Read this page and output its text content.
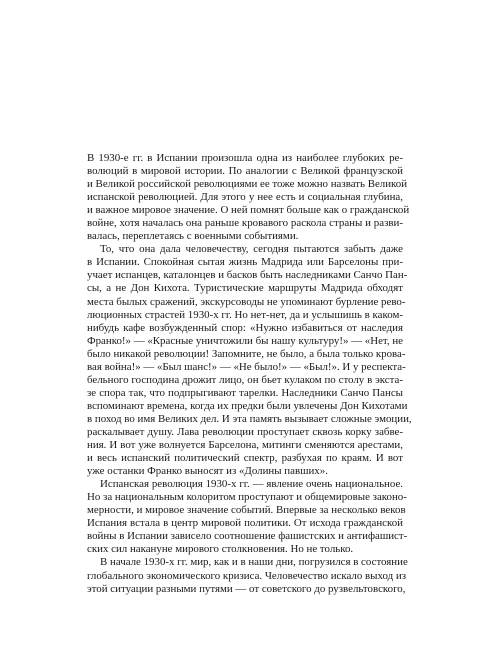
В 1930-е гг. в Испании произошла одна из наиболее глубоких ре-
волюций в мировой истории. По аналогии с Великой французской
и Великой российской революциями ее тоже можно назвать Великой
испанской революцией. Для этого у нее есть и социальная глубина,
и важное мировое значение. О ней помнят больше как о гражданской
войне, хотя началась она раньше кровавого раскола страны и разви-
валась, переплетаясь с военными событиями.
То, что она дала человечеству, сегодня пытаются забыть даже
в Испании. Спокойная сытая жизнь Мадрида или Барселоны при-
учает испанцев, каталонцев и басков быть наследниками Санчо Пан-
сы, а не Дон Кихота. Туристические маршруты Мадрида обходят
места былых сражений, экскурсоводы не упоминают бурление рево-
люционных страстей 1930-х гг. Но нет-нет, да и услышишь в каком-
нибудь кафе возбужденный спор: «Нужно избавиться от наследия
Франко!» — «Красные уничтожили бы нашу культуру!» — «Нет, не
было никакой революции! Запомните, не было, а была только крова-
вая война!» — «Был шанс!» — «Не было!» — «Был!». И у респекта-
бельного господина дрожит лицо, он бьет кулаком по столу в экста-
зе спора так, что подпрыгивают тарелки. Наследники Санчо Пансы
вспоминают времена, когда их предки были увлечены Дон Кихотами
в поход во имя Великих дел. И эта память вызывает сложные эмоции,
раскалывает душу. Лава революции проступает сквозь корку забве-
ния. И вот уже волнуется Барселона, митинги сменяются арестами,
и весь испанский политический спектр, разбухая по краям. И вот
уже останки Франко выносят из «Долины павших».
Испанская революция 1930-х гг. — явление очень национальное.
Но за национальным колоритом проступают и общемировые законо-
мерности, и мировое значение событий. Впервые за несколько веков
Испания встала в центр мировой политики. От исхода гражданской
войны в Испании зависело соотношение фашистских и антифашист-
ских сил накануне мирового столкновения. Но не только.
В начале 1930-х гг. мир, как и в наши дни, погрузился в состояние
глобального экономического кризиса. Человечество искало выход из
этой ситуации разными путями — от советского до рузвельтовского,
